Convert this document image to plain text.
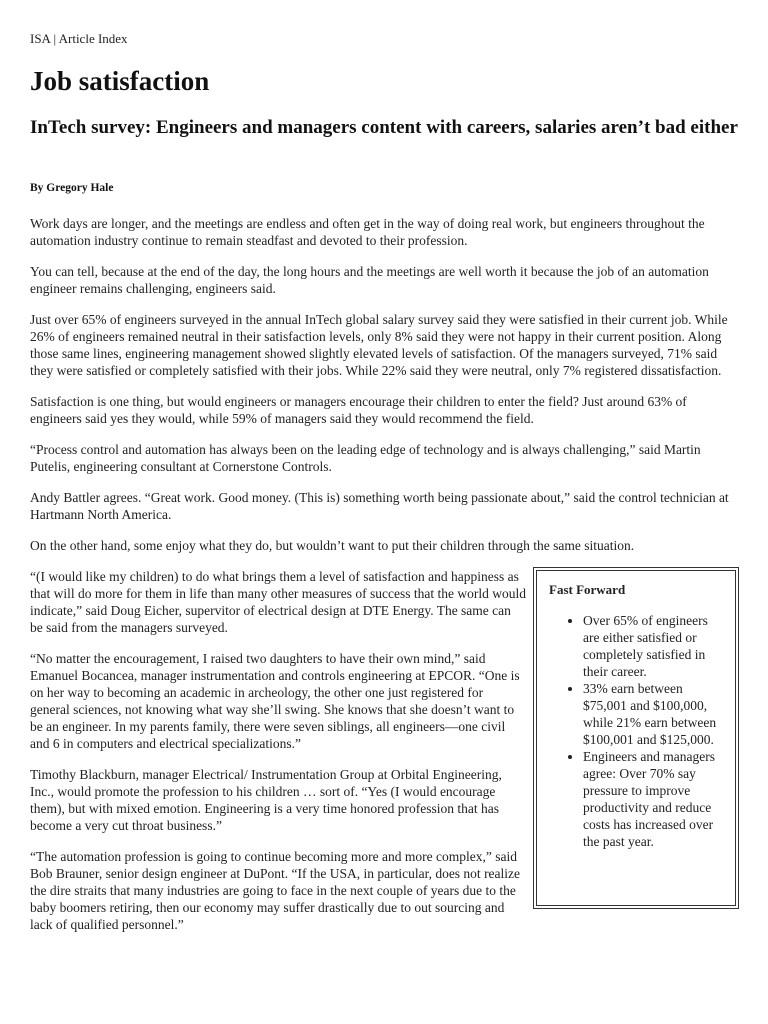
ISA | Article Index
Job satisfaction
InTech survey: Engineers and managers content with careers, salaries aren’t bad either
By Gregory Hale

Work days are longer, and the meetings are endless and often get in the way of doing real work, but engineers throughout the automation industry continue to remain steadfast and devoted to their profession.

You can tell, because at the end of the day, the long hours and the meetings are well worth it because the job of an automation engineer remains challenging, engineers said.

Just over 65% of engineers surveyed in the annual InTech global salary survey said they were satisfied in their current job. While 26% of engineers remained neutral in their satisfaction levels, only 8% said they were not happy in their current position. Along those same lines, engineering management showed slightly elevated levels of satisfaction. Of the managers surveyed, 71% said they were satisfied or completely satisfied with their jobs. While 22% said they were neutral, only 7% registered dissatisfaction.

Satisfaction is one thing, but would engineers or managers encourage their children to enter the field? Just around 63% of engineers said yes they would, while 59% of managers said they would recommend the field.

“Process control and automation has always been on the leading edge of technology and is always challenging,” said Martin Putelis, engineering consultant at Cornerstone Controls.

Andy Battler agrees. “Great work. Good money. (This is) something worth being passionate about,” said the control technician at Hartmann North America.

On the other hand, some enjoy what they do, but wouldn’t want to put their children through the same situation.

Fast Forward
• Over 65% of engineers are either satisfied or completely satisfied in their career.
• 33% earn between $75,001 and $100,000, while 21% earn between $100,001 and $125,000.
• Engineers and managers agree: Over 70% say pressure to improve productivity and reduce costs has increased over the past year.

“(I would like my children) to do what brings them a level of satisfaction and happiness as that will do more for them in life than many other measures of success that the world would indicate,” said Doug Eicher, supervitor of electrical design at DTE Energy. The same can be said from the managers surveyed.

“No matter the encouragement, I raised two daughters to have their own mind,” said Emanuel Bocancea, manager instrumentation and controls engineering at EPCOR. “One is on her way to becoming an academic in archeology, the other one just registered for general sciences, not knowing what way she’ll swing. She knows that she doesn’t want to be an engineer. In my parents family, there were seven siblings, all engineers—one civil and 6 in computers and electrical specializations.”

Timothy Blackburn, manager Electrical/ Instrumentation Group at Orbital Engineering, Inc., would promote the profession to his children … sort of. “Yes (I would encourage them), but with mixed emotion. Engineering is a very time honored profession that has become a very cut throat business.”

“The automation profession is going to continue becoming more and more complex,” said Bob Brauner, senior design engineer at DuPont. “If the USA, in particular, does not realize the dire straits that many industries are going to face in the next couple of years due to the baby boomers retiring, then our economy may suffer drastically due to out sourcing and lack of qualified personnel.”
